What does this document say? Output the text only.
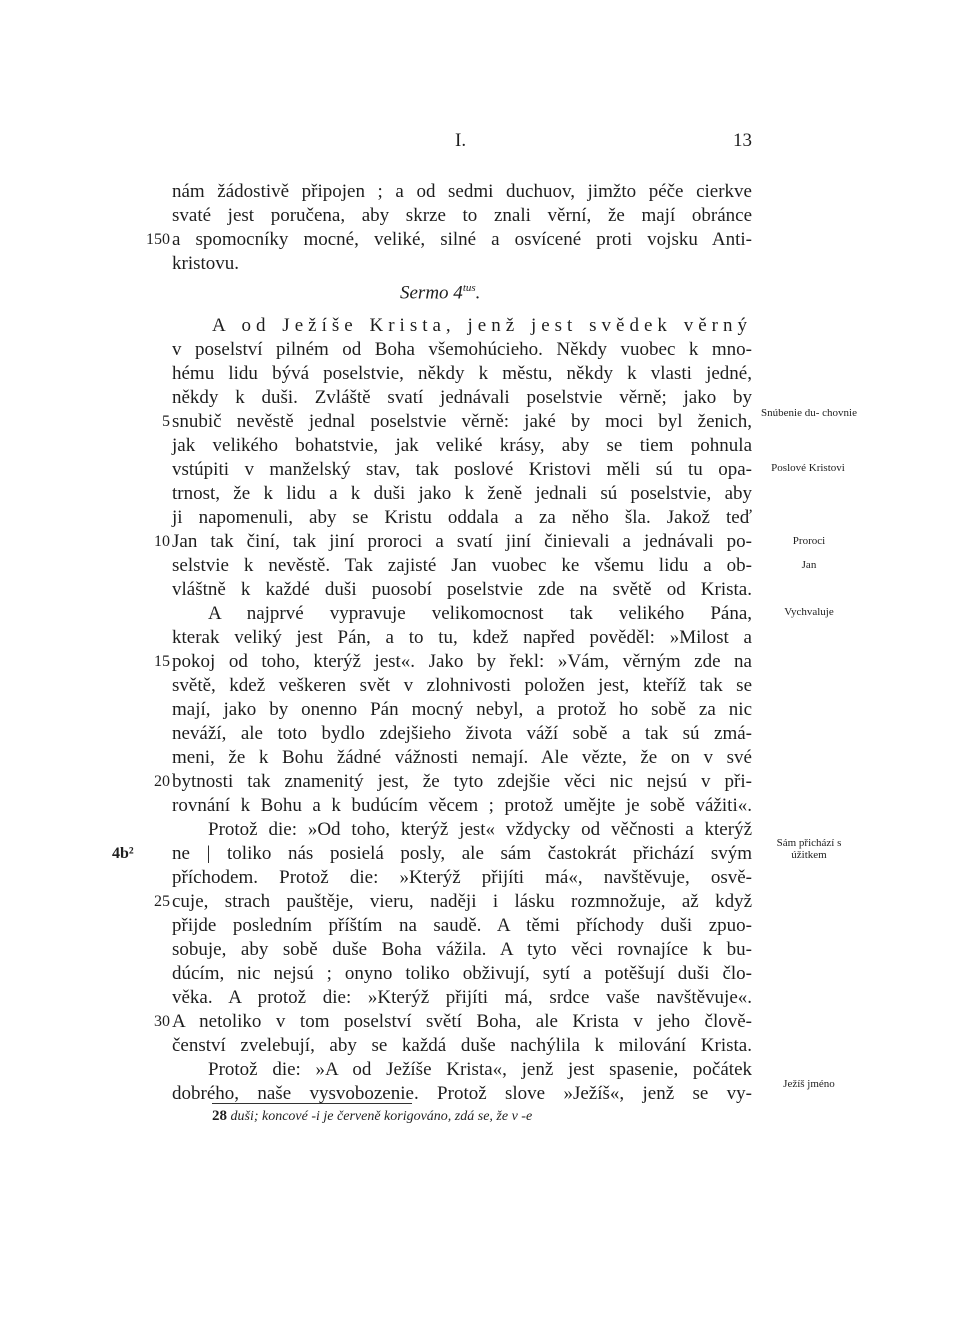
I.	13
nám žádostivě připojen ; a od sedmi duchuov, jimžto péče cierkve
svaté jest poručena, aby skrze to znali věrní, že mají obránce
a spomocníky mocné, veliké, silné a osvícené proti vojsku Anti-
kristovu.
Sermo $4^{tus}$.
A od Ježíše Krista, jenž jest svědek věrný
v poselství pilném od Boha všemohúcieho. Někdy vuobec k mno-
hému lidu bývá poselstvie, někdy k městu, někdy k vlasti jedné,
někdy k duši. Zvláště svatí jednávali poselstvie věrně; jako by
snubič nevěstě jednal poselstvie věrně: jaké by moci byl ženich,
jak velikého bohatstvie, jak veliké krásy, aby se tiem pohnula
vstúpiti v manželský stav, tak poslové Kristovi měli sú tu opa-
trnost, že k lidu a k duši jako k ženě jednali sú poselstvie, aby
ji napomenuli, aby se Kristu oddala a za něho šla. Jakož teď
Jan tak činí, tak jiní proroci a svatí jiní činievali a jednávali po-
selstvie k nevěstě. Tak zajisté Jan vuobec ke všemu lidu a ob-
vláštně k každé duši puosobí poselstvie zde na světě od Krista.
A najprvé vypravuje velikomocnost tak velikého Pána,
kterak veliký jest Pán, a to tu, kdež napřed pověděl: »Milost a
pokoj od toho, kterýž jest«. Jako by řekl: »Vám, věrným zde na
světě, kdež veškeren svět v zlohnivosti položen jest, kteříž tak se
mají, jako by onenno Pán mocný nebyl, a protož ho sobě za nic
neváží, ale toto bydlo zdejšieho života váží sobě a tak sú zmá-
meni, že k Bohu žádné vážnosti nemají. Ale vězte, že on v své
bytnosti tak znamenitý jest, že tyto zdejšie věci nic nejsú v při-
rovnání k Bohu a k budúcím věcem ; protož umějte je sobě vážiti«.
Protož die: »Od toho, kterýž jest« vždycky od věčnosti a kterýž
ne | toliko nás posielá posly, ale sám častokrát přichází svým
příchodem. Protož die: »Kterýž přijíti má«, navštěvuje, osvě-
cuje, strach pauštěje, vieru, naději i lásku rozmnožuje, až když
přijde posledním příštím na saudě. A těmi příchody duši zpuo-
sobuje, aby sobě duše Boha vážila. A tyto věci rovnajíce k bu-
dúcím, nic nejsú ; onyno toliko obživují, sytí a potěšují duši člo-
věka. A protož die: »Kterýž přijíti má, srdce vaše navštěvuje«.
A netoliko v tom poselství světí Boha, ale Krista v jeho člově-
čenství zvelebují, aby se každá duše nachýlila k milování Krista.
Protož die: »A od Ježíše Krista«, jenž jest spasenie, počátek
dobrého, naše vysvobozenie. Protož slove »Ježíš«, jenž se vy-
150
5
10
15
20
25
30
4b²
Snúbenie du- chovnie
Poslové Kristovi
Proroci
Jan
Vychvaluje
Sám přichází s úžitkem
Ježíš jméno
28 duši; koncové -i je červeně korigováno, zdá se, že v -e
